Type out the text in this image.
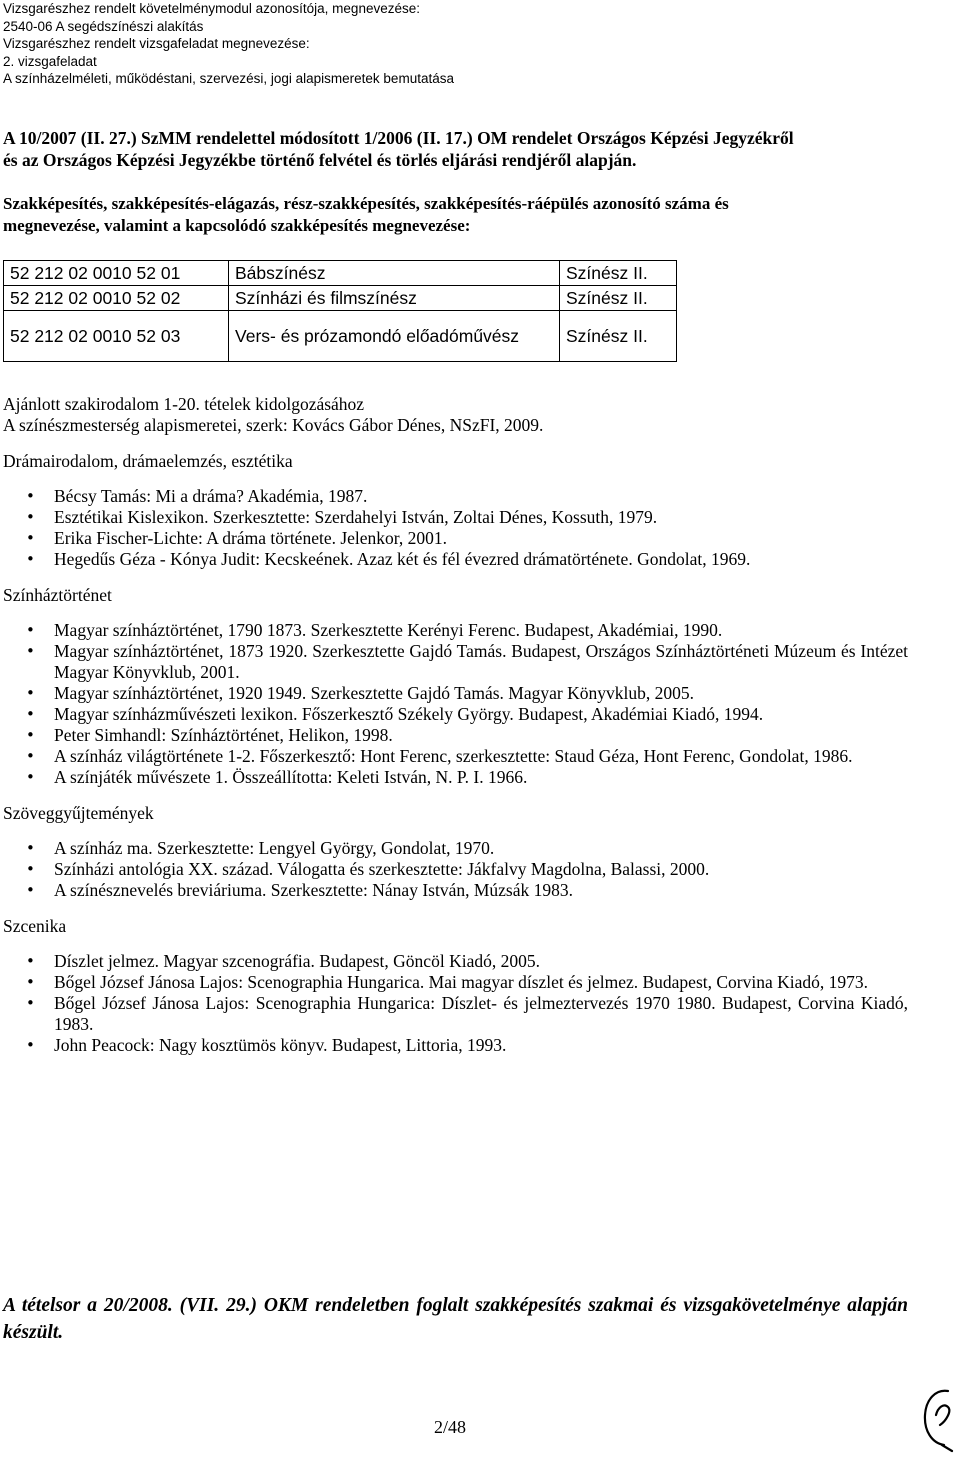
Vizsgarészhez rendelt követelménymodul azonosítója, megnevezése:
2540-06 A segédszínészi alakítás
Vizsgarészhez rendelt vizsgafeladat megnevezése:
2. vizsgafeladat
A színházelméleti, működéstani, szervezési, jogi alapismeretek bemutatása
A 10/2007 (II. 27.) SzMM rendelettel módosított 1/2006 (II. 17.) OM rendelet Országos Képzési Jegyzékről és az Országos Képzési Jegyzékbe történő felvétel és törlés eljárási rendjéről alapján.
Szakképesítés, szakképesítés-elágazás, rész-szakképesítés, szakképesítés-ráépülés azonosító száma és megnevezése, valamint a kapcsolódó szakképesítés megnevezése:
52 212 02 0010 52 01	Bábszínész	Színész II.
52 212 02 0010 52 02	Színházi és filmszínész	Színész II.
52 212 02 0010 52 03	Vers- és prózamondó előadóművész	Színész II.
Ajánlott szakirodalom 1-20. tételek kidolgozásához
A színészmesterség alapismeretei, szerk: Kovács Gábor Dénes, NSzFI, 2009.
Drámairodalom, drámaelemzés, esztétika
• Bécsy Tamás: Mi a dráma? Akadémia, 1987.
• Esztétikai Kislexikon. Szerkesztette: Szerdahelyi István, Zoltai Dénes, Kossuth, 1979.
• Erika Fischer-Lichte: A dráma története. Jelenkor, 2001.
• Hegedűs Géza - Kónya Judit: Kecskeének. Azaz két és fél évezred drámatörténete. Gondolat, 1969.
Színháztörténet
• Magyar színháztörténet, 1790 1873. Szerkesztette Kerényi Ferenc. Budapest, Akadémiai, 1990.
• Magyar színháztörténet, 1873 1920. Szerkesztette Gajdó Tamás. Budapest, Országos Színháztörténeti Múzeum és Intézet Magyar Könyvklub, 2001.
• Magyar színháztörténet, 1920 1949. Szerkesztette Gajdó Tamás. Magyar Könyvklub, 2005.
• Magyar színházművészeti lexikon. Főszerkesztő Székely György. Budapest, Akadémiai Kiadó, 1994.
• Peter Simhandl: Színháztörténet, Helikon, 1998.
• A színház világtörténete 1-2. Főszerkesztő: Hont Ferenc, szerkesztette: Staud Géza, Hont Ferenc, Gondolat, 1986.
• A színjáték művészete 1. Összeállította: Keleti István, N. P. I. 1966.
Szöveggyűjtemények
• A színház ma. Szerkesztette: Lengyel György, Gondolat, 1970.
• Színházi antológia XX. század. Válogatta és szerkesztette: Jákfalvy Magdolna, Balassi, 2000.
• A színésznevelés breviáriuma. Szerkesztette: Nánay István, Múzsák 1983.
Szcenika
• Díszlet jelmez. Magyar szcenográfia. Budapest, Göncöl Kiadó, 2005.
• Bőgel József Jánosa Lajos: Scenographia Hungarica. Mai magyar díszlet és jelmez. Budapest, Corvina Kiadó, 1973.
• Bőgel József Jánosa Lajos: Scenographia Hungarica: Díszlet- és jelmeztervezés 1970 1980. Budapest, Corvina Kiadó, 1983.
• John Peacock: Nagy kosztümös könyv. Budapest, Littoria, 1993.
A tételsor a 20/2008. (VII. 29.) OKM rendeletben foglalt szakképesítés szakmai és vizsgakövetelménye alapján készült.
2/48
